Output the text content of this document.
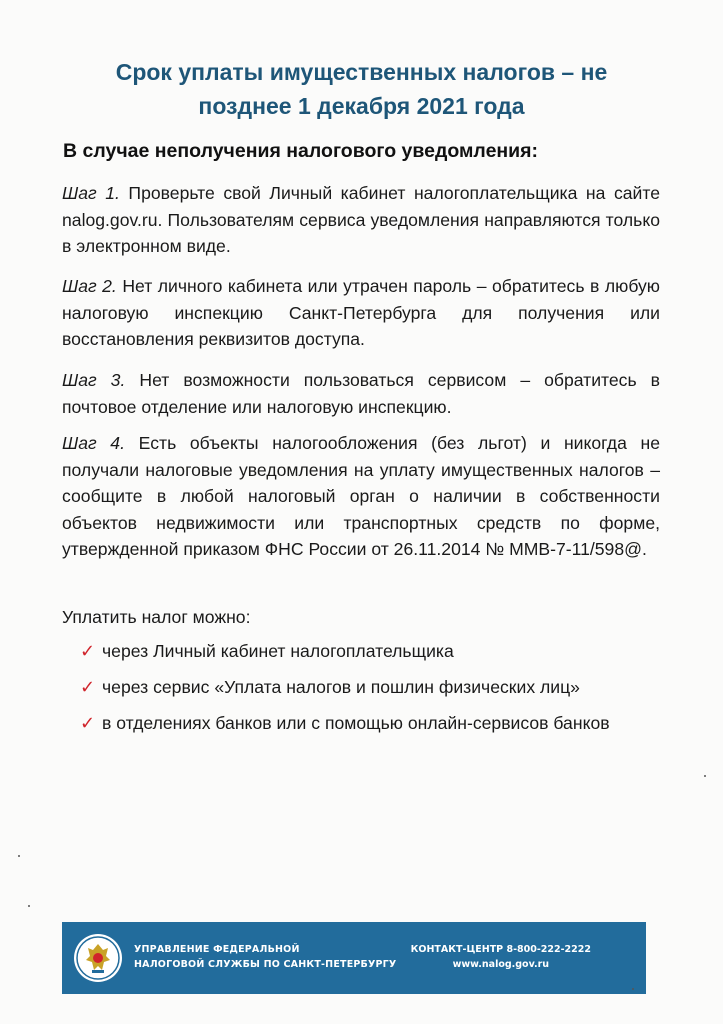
Срок уплаты имущественных налогов – не
позднее 1 декабря 2021 года
В случае неполучения налогового уведомления:
Шаг 1. Проверьте свой Личный кабинет налогоплательщика на сайте nalog.gov.ru. Пользователям сервиса уведомления направляются только в электронном виде.
Шаг 2. Нет личного кабинета или утрачен пароль – обратитесь в любую налоговую инспекцию Санкт-Петербурга для получения или восстановления реквизитов доступа.
Шаг 3. Нет возможности пользоваться сервисом – обратитесь в почтовое отделение или налоговую инспекцию.
Шаг 4. Есть объекты налогообложения (без льгот) и никогда не получали налоговые уведомления на уплату имущественных налогов – сообщите в любой налоговый орган о наличии в собственности объектов недвижимости или транспортных средств по форме, утвержденной приказом ФНС России от 26.11.2014 № ММВ-7-11/598@.
Уплатить налог можно:
✓ через Личный кабинет налогоплательщика
✓ через сервис «Уплата налогов и пошлин физических лиц»
✓ в отделениях банков или с помощью онлайн-сервисов банков
УПРАВЛЕНИЕ ФЕДЕРАЛЬНОЙ
НАЛОГОВОЙ СЛУЖБЫ ПО САНКТ-ПЕТЕРБУРГУ
КОНТАКТ-ЦЕНТР 8-800-222-2222
www.nalog.gov.ru
